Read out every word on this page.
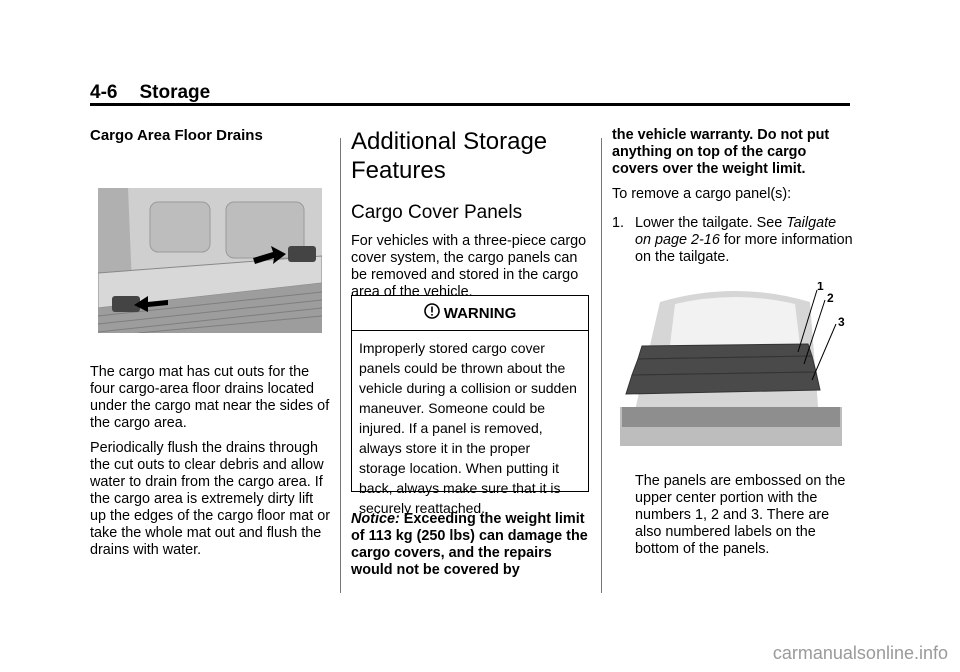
4-6 Storage
Cargo Area Floor Drains

The cargo mat has cut outs for the four cargo-area floor drains located under the cargo mat near the sides of the cargo area.

Periodically flush the drains through the cut outs to clear debris and allow water to drain from the cargo area. If the cargo area is extremely dirty lift up the edges of the cargo floor mat or take the whole mat out and flush the drains with water.

Additional Storage
Features
Cargo Cover Panels

For vehicles with a three-piece cargo cover system, the cargo panels can be removed and stored in the cargo area of the vehicle.

WARNING
Improperly stored cargo cover panels could be thrown about the vehicle during a collision or sudden maneuver. Someone could be injured. If a panel is removed, always store it in the proper storage location. When putting it back, always make sure that it is securely reattached.
Notice: Exceeding the weight limit of 113 kg (250 lbs) can damage the cargo covers, and the repairs would not be covered by

the vehicle warranty. Do not put anything on top of the cargo covers over the weight limit.

To remove a cargo panel(s):

1. Lower the tailgate. See Tailgate on page 2-16 for more information on the tailgate.
1
2
3

The panels are embossed on the upper center portion with the numbers 1, 2 and 3. There are also numbered labels on the bottom of the panels.

carmanualsonline.info
